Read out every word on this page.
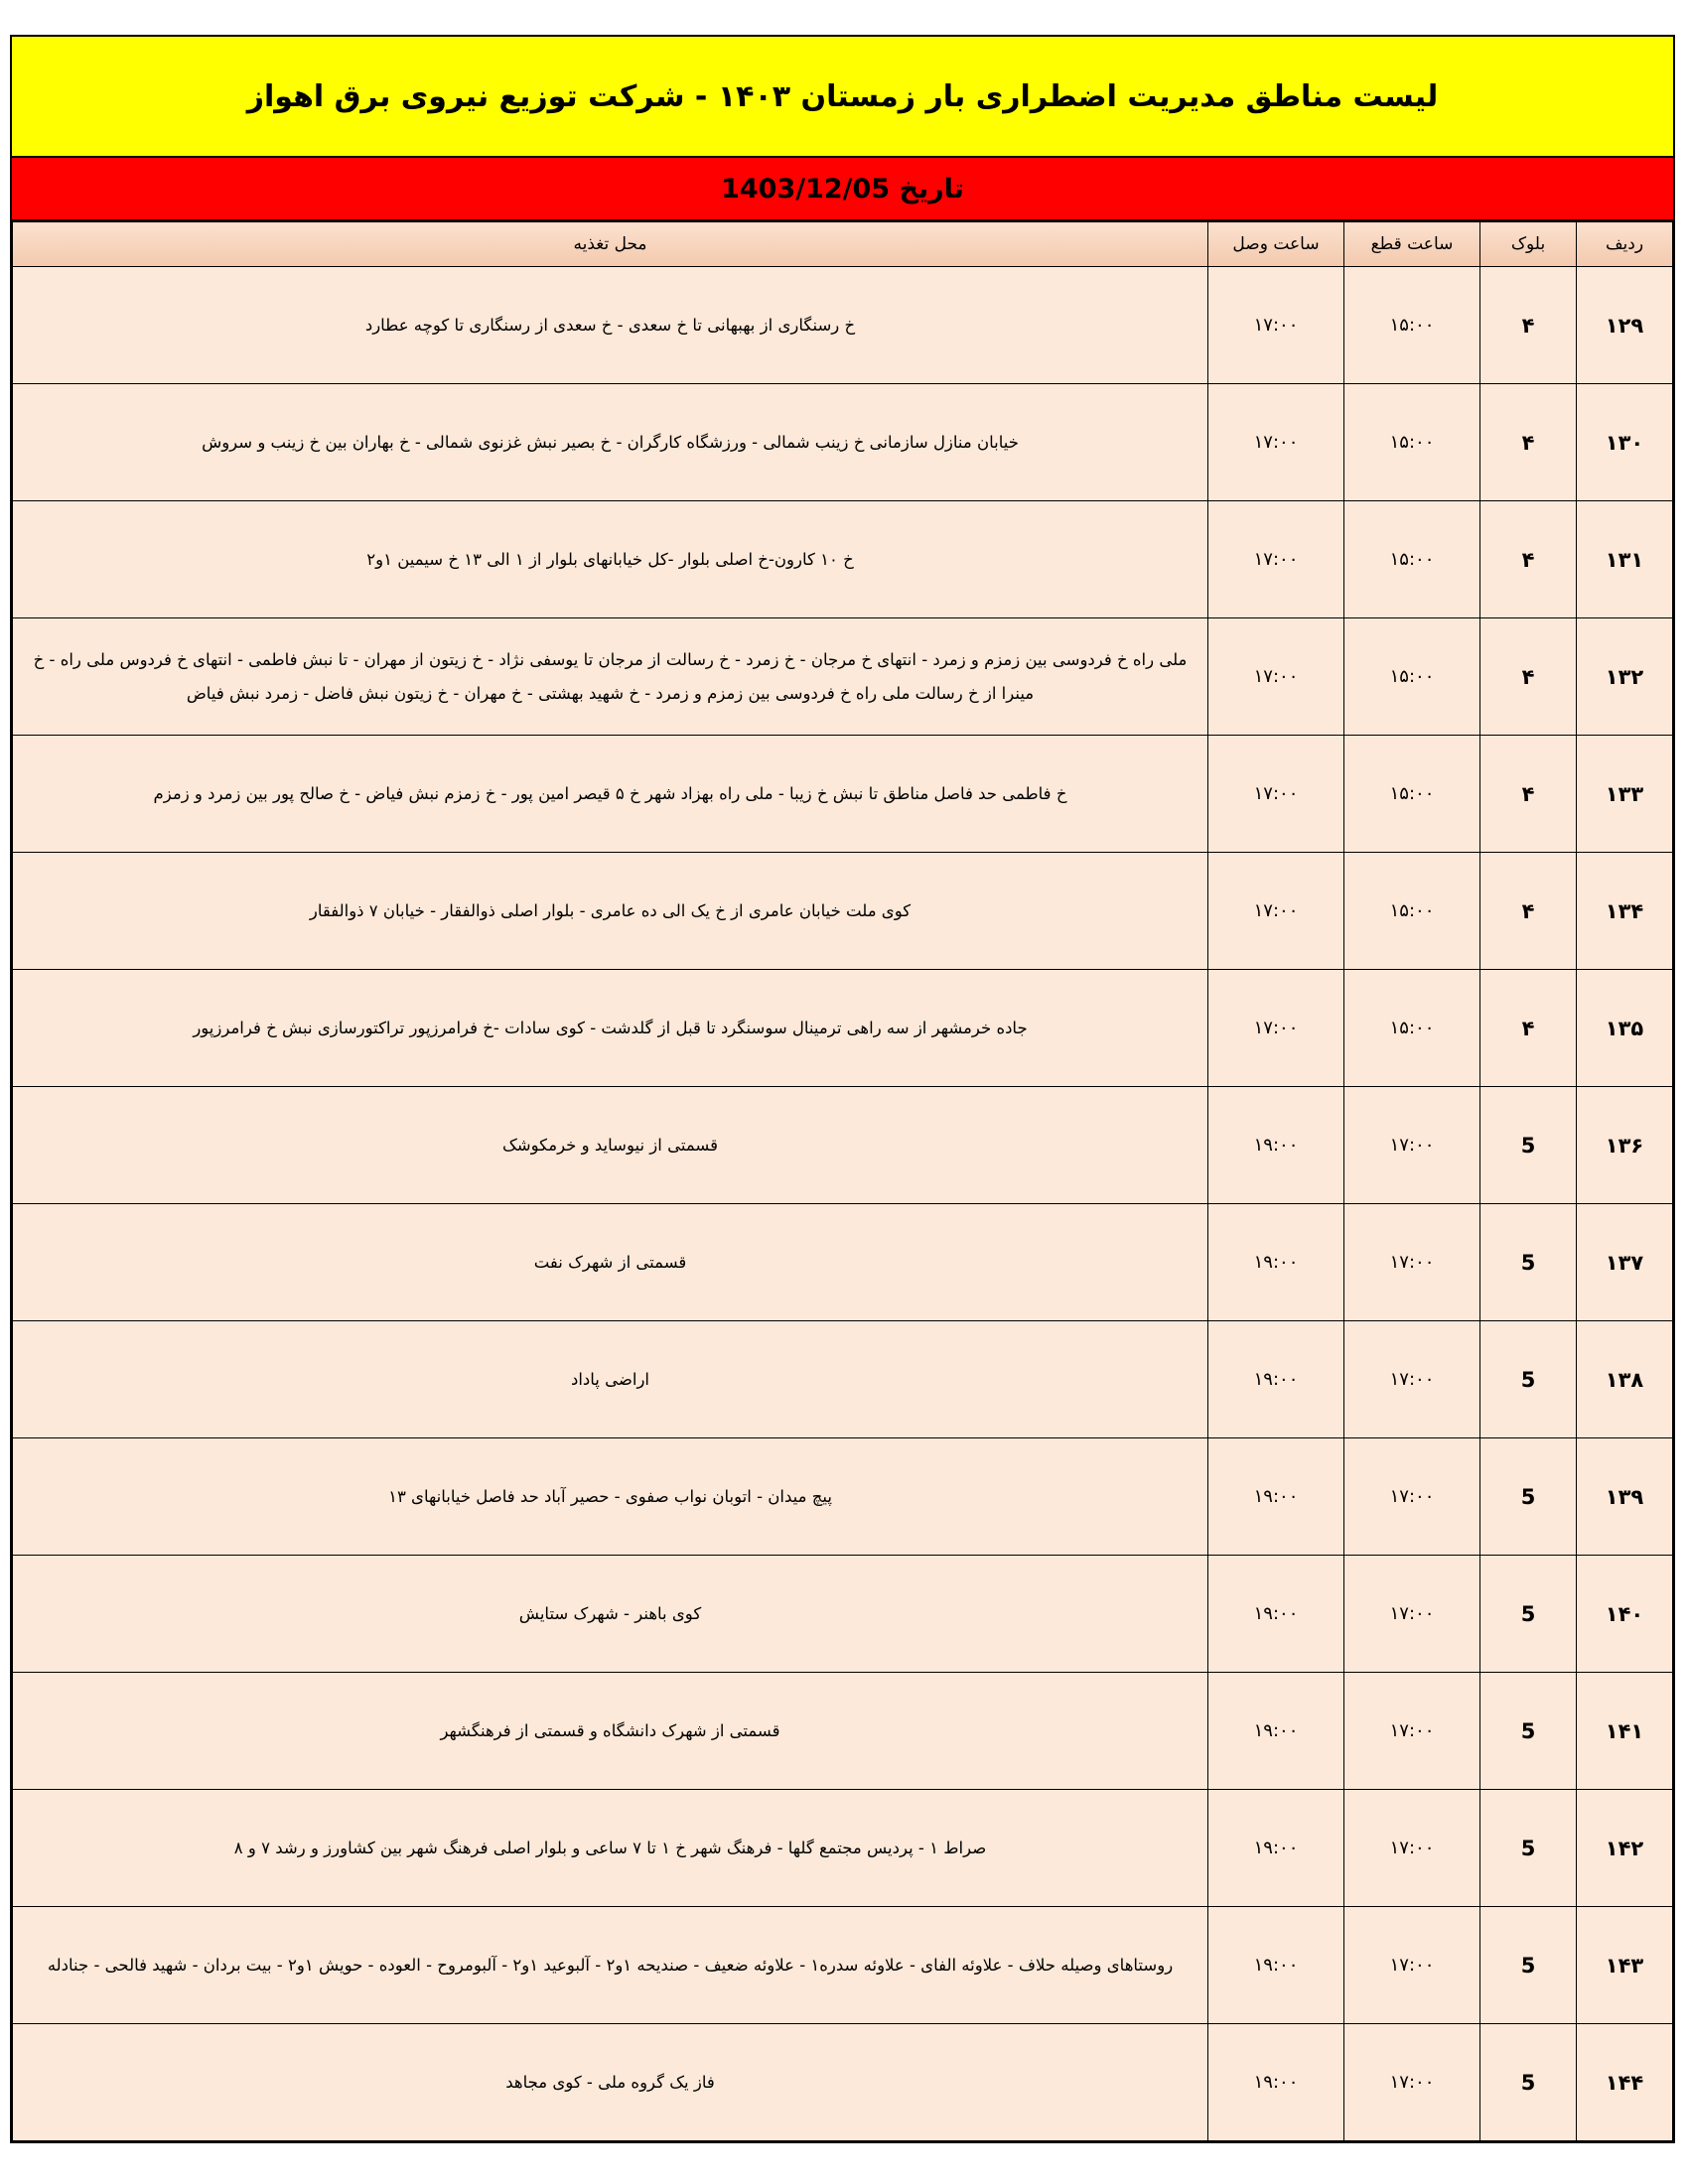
لیست مناطق مدیریت اضطراری بار زمستان ۱۴۰۳ - شرکت توزیع نیروی برق اهواز
تاریخ 1403/12/05
ردیف	بلوک	ساعت قطع	ساعت وصل	محل تغذیه
۱۲۹	۴	۱۵:۰۰	۱۷:۰۰	خ رسنگاری از بهبهانی تا خ سعدی - خ سعدی از رسنگاری تا کوچه عطارد
۱۳۰	۴	۱۵:۰۰	۱۷:۰۰	خیابان منازل سازمانی خ زینب شمالی - ورزشگاه کارگران - خ بصیر نبش غزنوی شمالی - خ بهاران بین خ زینب و سروش
۱۳۱	۴	۱۵:۰۰	۱۷:۰۰	خ ۱۰ کارون-خ اصلی بلوار -کل خیابانهای بلوار از ۱ الی ۱۳ خ سیمین ۱و۲
۱۳۲	۴	۱۵:۰۰	۱۷:۰۰	ملی راه خ فردوسی بین زمزم و زمرد - انتهای خ مرجان - خ زمرد - خ رسالت از مرجان تا یوسفی نژاد - خ زیتون از مهران - تا نبش فاطمی - انتهای خ فردوس ملی راه - خ مینرا از خ رسالت ملی راه خ فردوسی بین زمزم و زمرد - خ شهید بهشتی - خ مهران - خ زیتون نبش فاضل - زمرد نبش فیاض
۱۳۳	۴	۱۵:۰۰	۱۷:۰۰	خ فاطمی حد فاصل مناطق تا نبش خ زیبا - ملی راه بهزاد شهر خ ۵ قیصر امین پور - خ زمزم نبش فیاض - خ صالح پور بین زمرد و زمزم
۱۳۴	۴	۱۵:۰۰	۱۷:۰۰	کوی ملت خیابان عامری از خ یک الی ده عامری - بلوار اصلی ذوالفقار - خیابان ۷ ذوالفقار
۱۳۵	۴	۱۵:۰۰	۱۷:۰۰	جاده خرمشهر از سه راهی ترمینال سوسنگرد تا قبل از گلدشت - کوی سادات -خ فرامرزپور تراکتورسازی نبش خ فرامرزپور
۱۳۶	5	۱۷:۰۰	۱۹:۰۰	قسمتی از نیوساید و خرمکوشک
۱۳۷	5	۱۷:۰۰	۱۹:۰۰	قسمتی از شهرک نفت
۱۳۸	5	۱۷:۰۰	۱۹:۰۰	اراضی پاداد
۱۳۹	5	۱۷:۰۰	۱۹:۰۰	پیچ میدان - اتوبان نواب صفوی - حصیر آباد حد فاصل خیابانهای ۱۳
۱۴۰	5	۱۷:۰۰	۱۹:۰۰	کوی باهنر - شهرک ستایش
۱۴۱	5	۱۷:۰۰	۱۹:۰۰	قسمتی از شهرک دانشگاه و قسمتی از فرهنگشهر
۱۴۲	5	۱۷:۰۰	۱۹:۰۰	صراط ۱ - پردیس مجتمع گلها - فرهنگ شهر خ ۱ تا ۷ ساعی و بلوار اصلی فرهنگ شهر بین کشاورز و رشد ۷ و ۸
۱۴۳	5	۱۷:۰۰	۱۹:۰۰	روستاهای وصیله حلاف - علاوئه الفای - علاوئه سدره۱ - علاوئه ضعیف - صندیحه ۱و۲ - آلبوعید ۱و۲ - آلبومروح - العوده - حویش ۱و۲ - بیت بردان - شهید فالحی - جنادله
۱۴۴	5	۱۷:۰۰	۱۹:۰۰	فاز یک گروه ملی - کوی مجاهد
